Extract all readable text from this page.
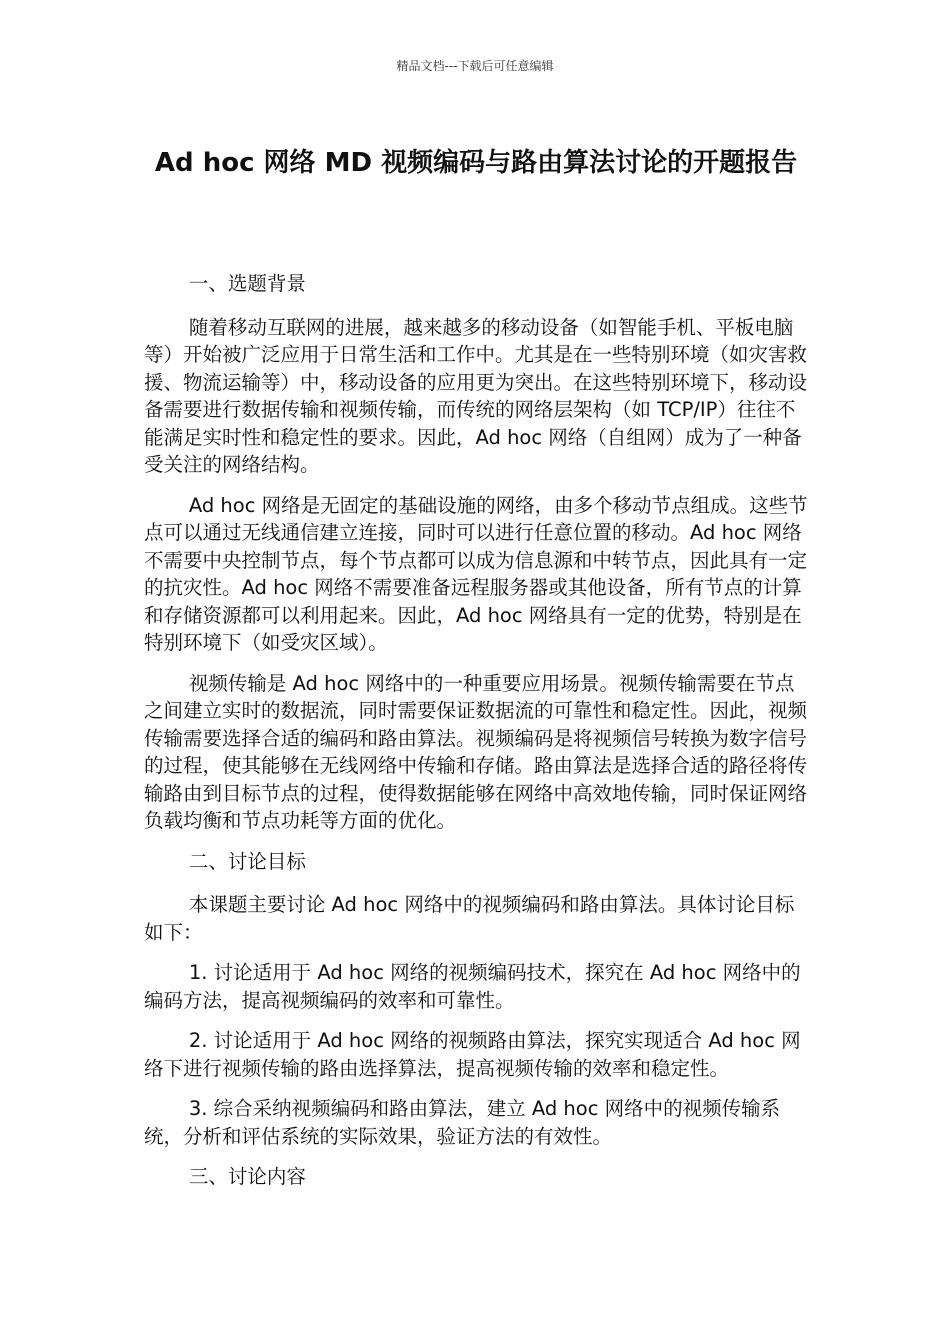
精品文档---下载后可任意编辑
Ad hoc 网络 MD 视频编码与路由算法讨论的开题报告

一、选题背景

随着移动互联网的进展，越来越多的移动设备（如智能手机、平板电脑等）开始被广泛应用于日常生活和工作中。尤其是在一些特别环境（如灾害救援、物流运输等）中，移动设备的应用更为突出。在这些特别环境下，移动设备需要进行数据传输和视频传输，而传统的网络层架构（如 TCP/IP）往往不能满足实时性和稳定性的要求。因此，Ad hoc 网络（自组网）成为了一种备受关注的网络结构。

Ad hoc 网络是无固定的基础设施的网络，由多个移动节点组成。这些节点可以通过无线通信建立连接，同时可以进行任意位置的移动。Ad hoc 网络不需要中央控制节点，每个节点都可以成为信息源和中转节点，因此具有一定的抗灾性。Ad hoc 网络不需要准备远程服务器或其他设备，所有节点的计算和存储资源都可以利用起来。因此，Ad hoc 网络具有一定的优势，特别是在特别环境下（如受灾区域）。

视频传输是 Ad hoc 网络中的一种重要应用场景。视频传输需要在节点之间建立实时的数据流，同时需要保证数据流的可靠性和稳定性。因此，视频传输需要选择合适的编码和路由算法。视频编码是将视频信号转换为数字信号的过程，使其能够在无线网络中传输和存储。路由算法是选择合适的路径将传输路由到目标节点的过程，使得数据能够在网络中高效地传输，同时保证网络负载均衡和节点功耗等方面的优化。

二、讨论目标

本课题主要讨论 Ad hoc 网络中的视频编码和路由算法。具体讨论目标如下：

1. 讨论适用于 Ad hoc 网络的视频编码技术，探究在 Ad hoc 网络中的编码方法，提高视频编码的效率和可靠性。

2. 讨论适用于 Ad hoc 网络的视频路由算法，探究实现适合 Ad hoc 网络下进行视频传输的路由选择算法，提高视频传输的效率和稳定性。

3. 综合采纳视频编码和路由算法，建立 Ad hoc 网络中的视频传输系统，分析和评估系统的实际效果，验证方法的有效性。

三、讨论内容
